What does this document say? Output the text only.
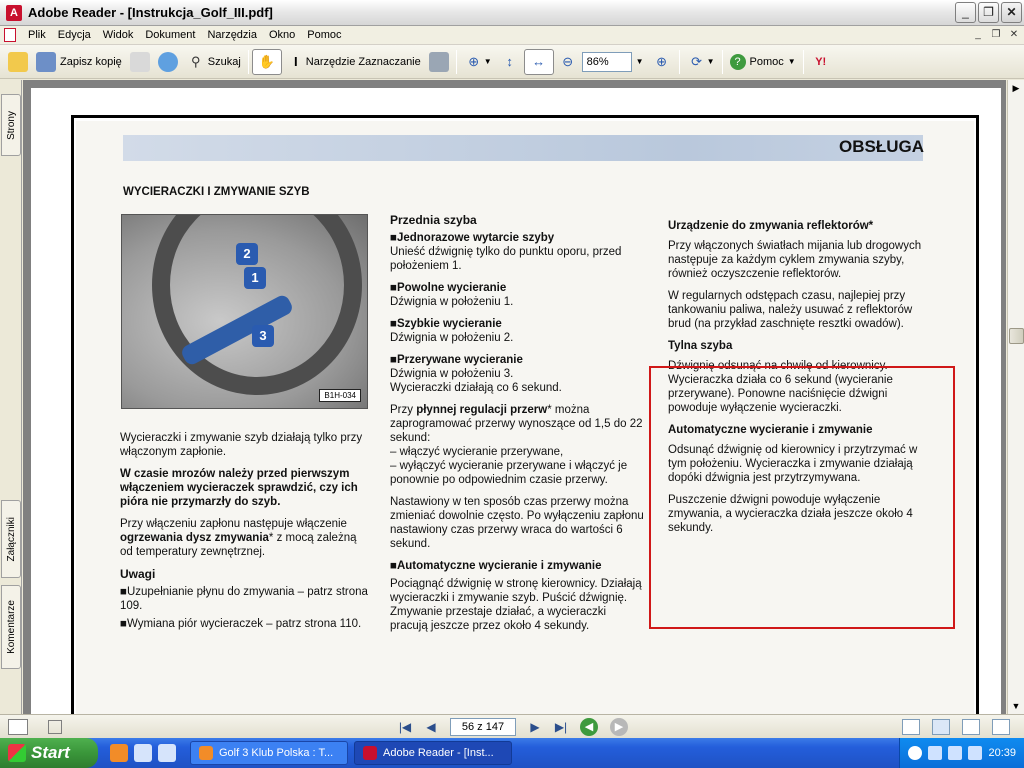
A Adobe Reader - [Instrukcja_Golf_III.pdf]	_	❐	✕
Plik	Edycja	Widok	Dokument	Narzędzia	Okno	Pomoc	_	❐ ✕
Zapisz kopię	⚲ Szukaj ✋	I Narzędzie Zaznaczanie	⊕ ▼	↕	↔	⊖
86%	▼ ⊕	⟳ ▼	? Pomoc ▼	Y!
Strony
Załączniki
Komentarze
OBSŁUGA
WYCIERACZKI I ZMYWANIE SZYB
2
1
3
B1H-034

Wycieraczki i zmywanie szyb działają tylko przy włączonym zapłonie.

W czasie mrozów należy przed pierwszym włączeniem wycieraczek sprawdzić, czy ich pióra nie przymarzły do szyb.

Przy włączeniu zapłonu następuje włączenie ogrzewania dysz zmywania* z mocą zależną od temperatury zewnętrznej.

Uwagi

■ Uzupełnianie płynu do zmywania – patrz strona 109.

■ Wymiana piór wycieraczek – patrz strona 110.

Przednia szyba

■ Jednorazowe wytarcie szyby

Unieść dźwignię tylko do punktu oporu, przed położeniem 1.

■ Powolne wycieranie

Dźwignia w położeniu 1.

■ Szybkie wycieranie

Dźwignia w położeniu 2.

■ Przerywane wycieranie

Dźwignia w położeniu 3.

Wycieraczki działają co 6 sekund.

Przy płynnej regulacji przerw* można zaprogramować przerwy wynoszące od 1,5 do 22 sekund:

– włączyć wycieranie przerywane,

– wyłączyć wycieranie przerywane i włączyć je ponownie po odpowiednim czasie przerwy.

Nastawiony w ten sposób czas przerwy można zmieniać dowolnie często. Po wyłączeniu zapłonu nastawiony czas przerwy wraca do wartości 6 sekund.

■ Automatyczne wycieranie i zmywanie

Pociągnąć dźwignię w stronę kierownicy. Działają wycieraczki i zmywanie szyb. Puścić dźwignię. Zmywanie przestaje działać, a wycieraczki pracują jeszcze przez około 4 sekundy.

Urządzenie do zmywania reflektorów*

Przy włączonych światłach mijania lub drogowych następuje za każdym cyklem zmywania szyby, również oczyszczenie reflektorów.

W regularnych odstępach czasu, najlepiej przy tankowaniu paliwa, należy usuwać z reflektorów brud (na przykład zaschnięte resztki owadów).

Tylna szyba

Dźwignię odsunąć na chwilę od kierownicy. Wycieraczka działa co 6 sekund (wycieranie przerywane). Ponowne naciśnięcie dźwigni powoduje wyłączenie wycieraczki.

Automatyczne wycieranie i zmywanie

Odsunąć dźwignię od kierownicy i przytrzymać w tym położeniu. Wycieraczka i zmywanie działają dopóki dźwignia jest przytrzymywana.

Puszczenie dźwigni powoduje wyłączenie zmywania, a wycieraczka działa jeszcze około 4 sekundy.

▶
▼
|◀	◀	56 z 147	▶	▶|	◀	▶
Start	Golf 3 Klub Polska : T...	Adobe Reader - [Inst...	20:39
